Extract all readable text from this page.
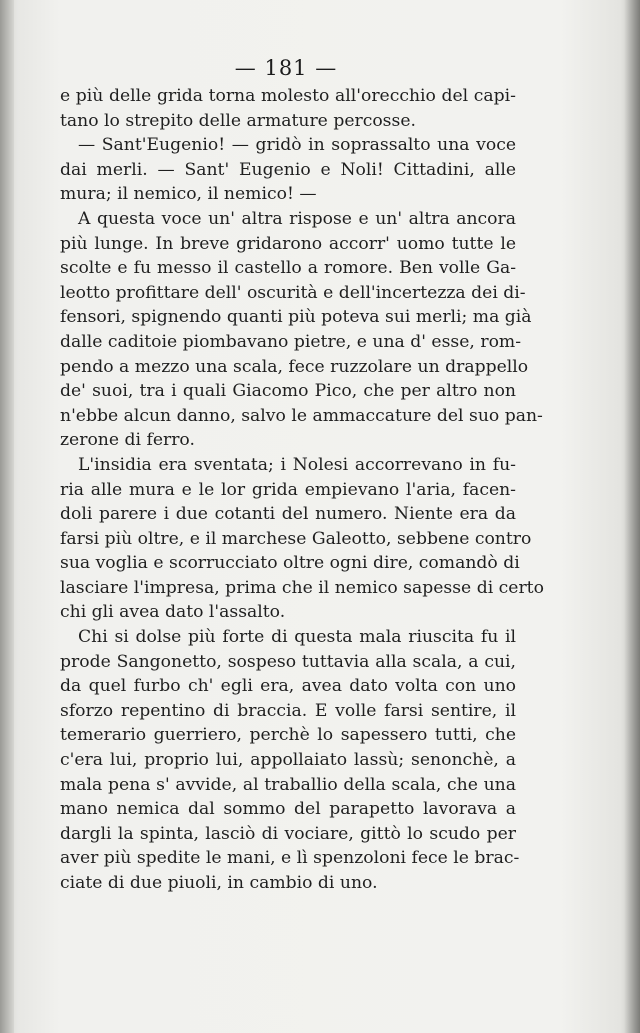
— 181 —
e più delle grida torna molesto all'orecchio del capi-
tano lo strepito delle armature percosse.
— Sant'Eugenio! — gridò in soprassalto una voce
dai merli. — Sant' Eugenio e Noli! Cittadini, alle
mura; il nemico, il nemico! —
A questa voce un' altra rispose e un' altra ancora
più lunge. In breve gridarono accorr' uomo tutte le
scolte e fu messo il castello a romore. Ben volle Ga-
leotto profittare dell' oscurità e dell'incertezza dei di-
fensori, spignendo quanti più poteva sui merli; ma già
dalle caditoie piombavano pietre, e una d' esse, rom-
pendo a mezzo una scala, fece ruzzolare un drappello
de' suoi, tra i quali Giacomo Pico, che per altro non
n'ebbe alcun danno, salvo le ammaccature del suo pan-
zerone di ferro.
L'insidia era sventata; i Nolesi accorrevano in fu-
ria alle mura e le lor grida empievano l'aria, facen-
doli parere i due cotanti del numero. Niente era da
farsi più oltre, e il marchese Galeotto, sebbene contro
sua voglia e scorrucciato oltre ogni dire, comandò di
lasciare l'impresa, prima che il nemico sapesse di certo
chi gli avea dato l'assalto.
Chi si dolse più forte di questa mala riuscita fu il
prode Sangonetto, sospeso tuttavia alla scala, a cui,
da quel furbo ch' egli era, avea dato volta con uno
sforzo repentino di braccia. E volle farsi sentire, il
temerario guerriero, perchè lo sapessero tutti, che
c'era lui, proprio lui, appollaiato lassù; senonchè, a
mala pena s' avvide, al traballio della scala, che una
mano nemica dal sommo del parapetto lavorava a
dargli la spinta, lasciò di vociare, gittò lo scudo per
aver più spedite le mani, e lì spenzoloni fece le brac-
ciate di due piuoli, in cambio di uno.
